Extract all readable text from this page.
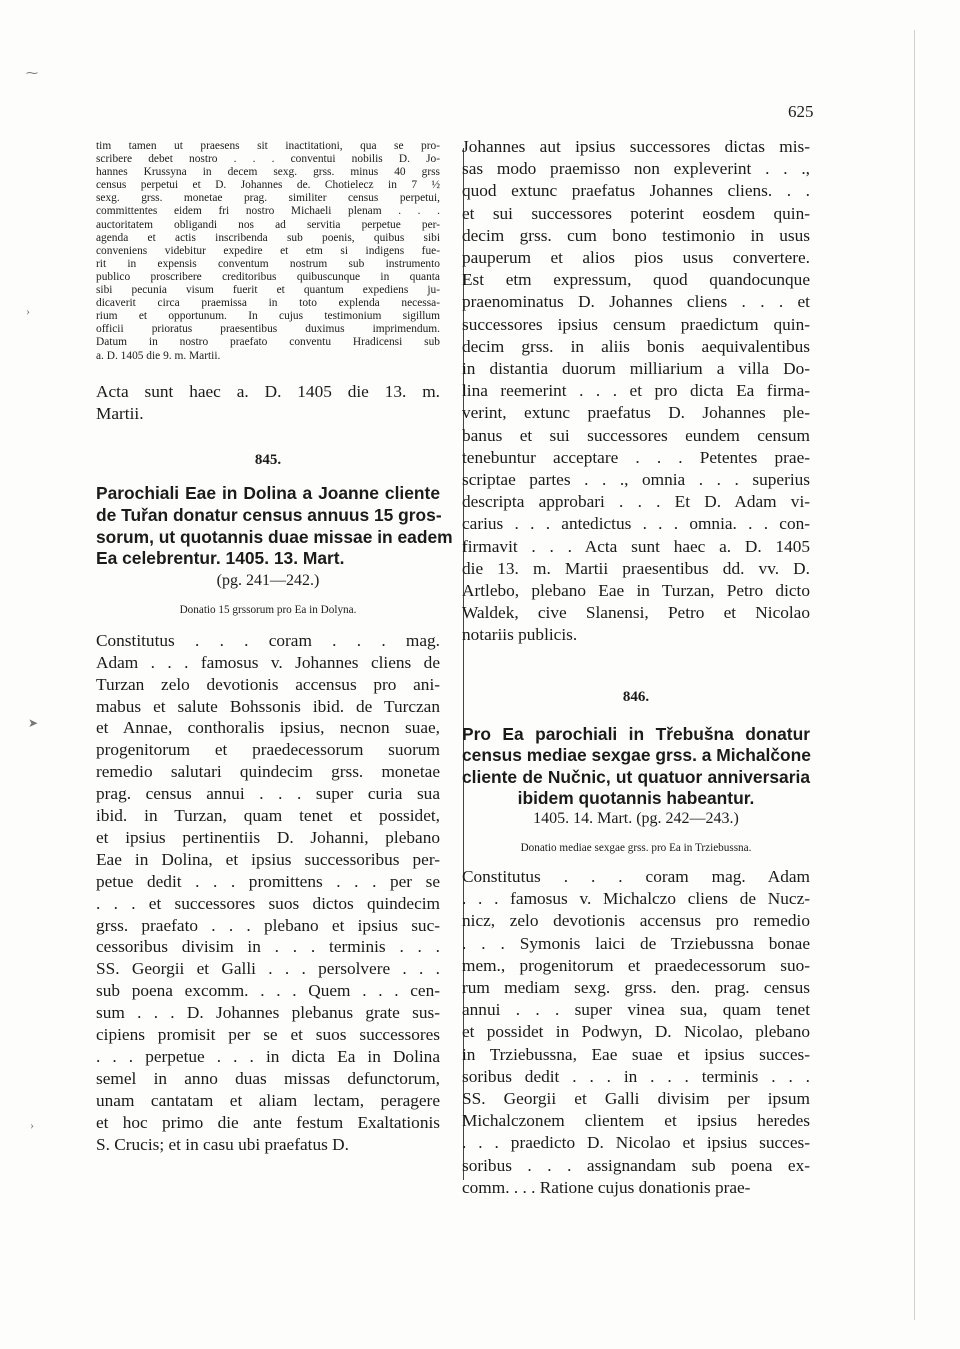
⁓
›
➤
›
625
tim tamen ut praesens sit inactitationi, qua se pro-
scribere debet nostro . . . conventui nobilis D. Jo-
hannes Krussyna in decem sexg. grss. minus 40 grss
census perpetui et D. Johannes de. Chotielecz in 7 ½
sexg. grss. monetae prag. similiter census perpetui,
committentes eidem fri nostro Michaeli plenam . . .
auctoritatem obligandi nos ad servitia perpetue per-
agenda et actis inscribenda sub poenis, quibus sibi
conveniens videbitur expedire et etm si indigens fue-
rit in expensis conventum nostrum sub instrumento
publico proscribere creditoribus quibuscunque in quanta
sibi pecunia visum fuerit et quantum expediens ju-
dicaverit circa praemissa in toto explenda necessa-
rium et opportunum. In cujus testimonium sigillum
officii prioratus praesentibus duximus imprimendum.
Datum in nostro praefato conventu Hradicensi sub
a. D. 1405 die 9. m. Martii.
Acta sunt haec a. D. 1405 die 13. m.
Martii.
845.
Parochiali Eae in Dolina a Joanne cliente
de Tuřan donatur census annuus 15 gros-
sorum, ut quotannis duae missae in eadem
Ea celebrentur. 1405. 13. Mart.
(pg. 241—242.)
Donatio 15 grssorum pro Ea in Dolyna.
Constitutus . . . coram . . . mag.
Adam . . . famosus v. Johannes cliens de
Turzan zelo devotionis accensus pro ani-
mabus et salute Bohssonis ibid. de Turczan
et Annae, conthoralis ipsius, necnon suae,
progenitorum et praedecessorum suorum
remedio salutari quindecim grss. monetae
prag. census annui . . . super curia sua
ibid. in Turzan, quam tenet et possidet,
et ipsius pertinentiis D. Johanni, plebano
Eae in Dolina, et ipsius successoribus per-
petue dedit . . . promittens . . . per se
. . . et successores suos dictos quindecim
grss. praefato . . . plebano et ipsius suc-
cessoribus divisim in . . . terminis . . .
SS. Georgii et Galli . . . persolvere . . .
sub poena excomm. . . . Quem . . . cen-
sum . . . D. Johannes plebanus grate sus-
cipiens promisit per se et suos successores
. . . perpetue . . . in dicta Ea in Dolina
semel in anno duas missas defunctorum,
unam cantatam et aliam lectam, peragere
et hoc primo die ante festum Exaltationis
S. Crucis; et in casu ubi praefatus D.
Johannes aut ipsius successores dictas mis-
sas modo praemisso non expleverint . . .,
quod extunc praefatus Johannes cliens. . .
et sui successores poterint eosdem quin-
decim grss. cum bono testimonio in usus
pauperum et alios pios usus convertere.
Est etm expressum, quod quandocunque
praenominatus D. Johannes cliens . . . et
successores ipsius censum praedictum quin-
decim grss. in aliis bonis aequivalentibus
in distantia duorum milliarium a villa Do-
lina reemerint . . . et pro dicta Ea firma-
verint, extunc praefatus D. Johannes ple-
banus et sui successores eundem censum
tenebuntur acceptare . . . Petentes prae-
scriptae partes . . ., omnia . . . superius
descripta approbari . . . Et D. Adam vi-
carius . . . antedictus . . . omnia. . . con-
firmavit . . . Acta sunt haec a. D. 1405
die 13. m. Martii praesentibus dd. vv. D.
Artlebo, plebano Eae in Turzan, Petro dicto
Waldek, cive Slanensi, Petro et Nicolao
notariis publicis.
846.
Pro Ea parochiali in Třebušna donatur
census mediae sexgae grss. a Michalčone
cliente de Nučnic, ut quatuor anniversaria
ibidem quotannis habeantur.
1405. 14. Mart. (pg. 242—243.)
Donatio mediae sexgae grss. pro Ea in Trziebussna.
Constitutus . . . coram mag. Adam
. . . famosus v. Michalczo cliens de Nucz-
nicz, zelo devotionis accensus pro remedio
. . . Symonis laici de Trziebussna bonae
mem., progenitorum et praedecessorum suo-
rum mediam sexg. grss. den. prag. census
annui . . . super vinea sua, quam tenet
et possidet in Podwyn, D. Nicolao, plebano
in Trziebussna, Eae suae et ipsius succes-
soribus dedit . . . in . . . terminis . . .
SS. Georgii et Galli divisim per ipsum
Michalczonem clientem et ipsius heredes
. . . praedicto D. Nicolao et ipsius succes-
soribus . . . assignandam sub poena ex-
comm. . . . Ratione cujus donationis prae-
